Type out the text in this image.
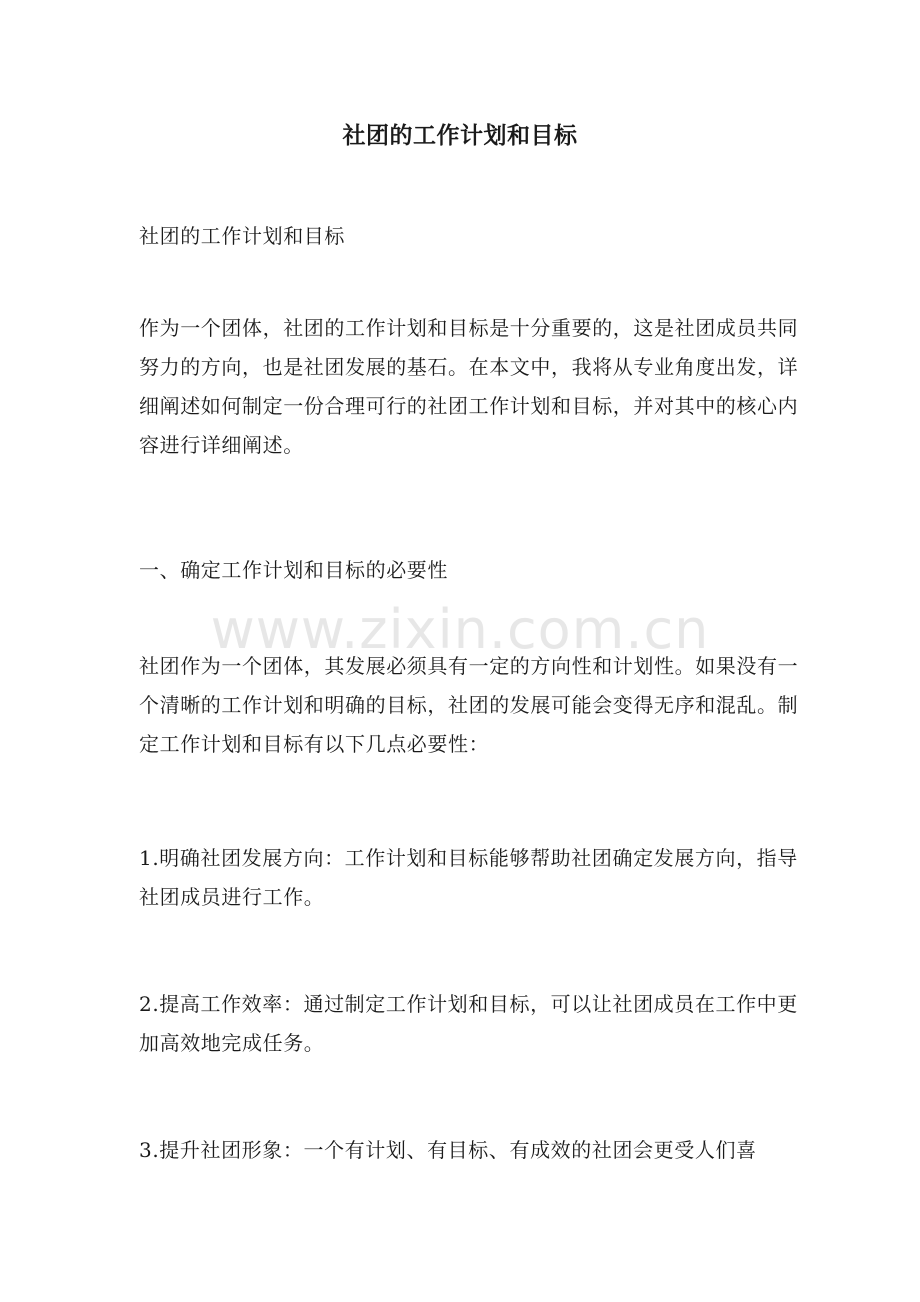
社团的工作计划和目标
社团的工作计划和目标
作为一个团体，社团的工作计划和目标是十分重要的，这是社团成员共同努力的方向，也是社团发展的基石。在本文中，我将从专业角度出发，详细阐述如何制定一份合理可行的社团工作计划和目标，并对其中的核心内容进行详细阐述。
一、确定工作计划和目标的必要性
www.zixin.com.cn
社团作为一个团体，其发展必须具有一定的方向性和计划性。如果没有一个清晰的工作计划和明确的目标，社团的发展可能会变得无序和混乱。制定工作计划和目标有以下几点必要性：
1.明确社团发展方向：工作计划和目标能够帮助社团确定发展方向，指导社团成员进行工作。
2.提高工作效率：通过制定工作计划和目标，可以让社团成员在工作中更加高效地完成任务。
3.提升社团形象：一个有计划、有目标、有成效的社团会更受人们喜
